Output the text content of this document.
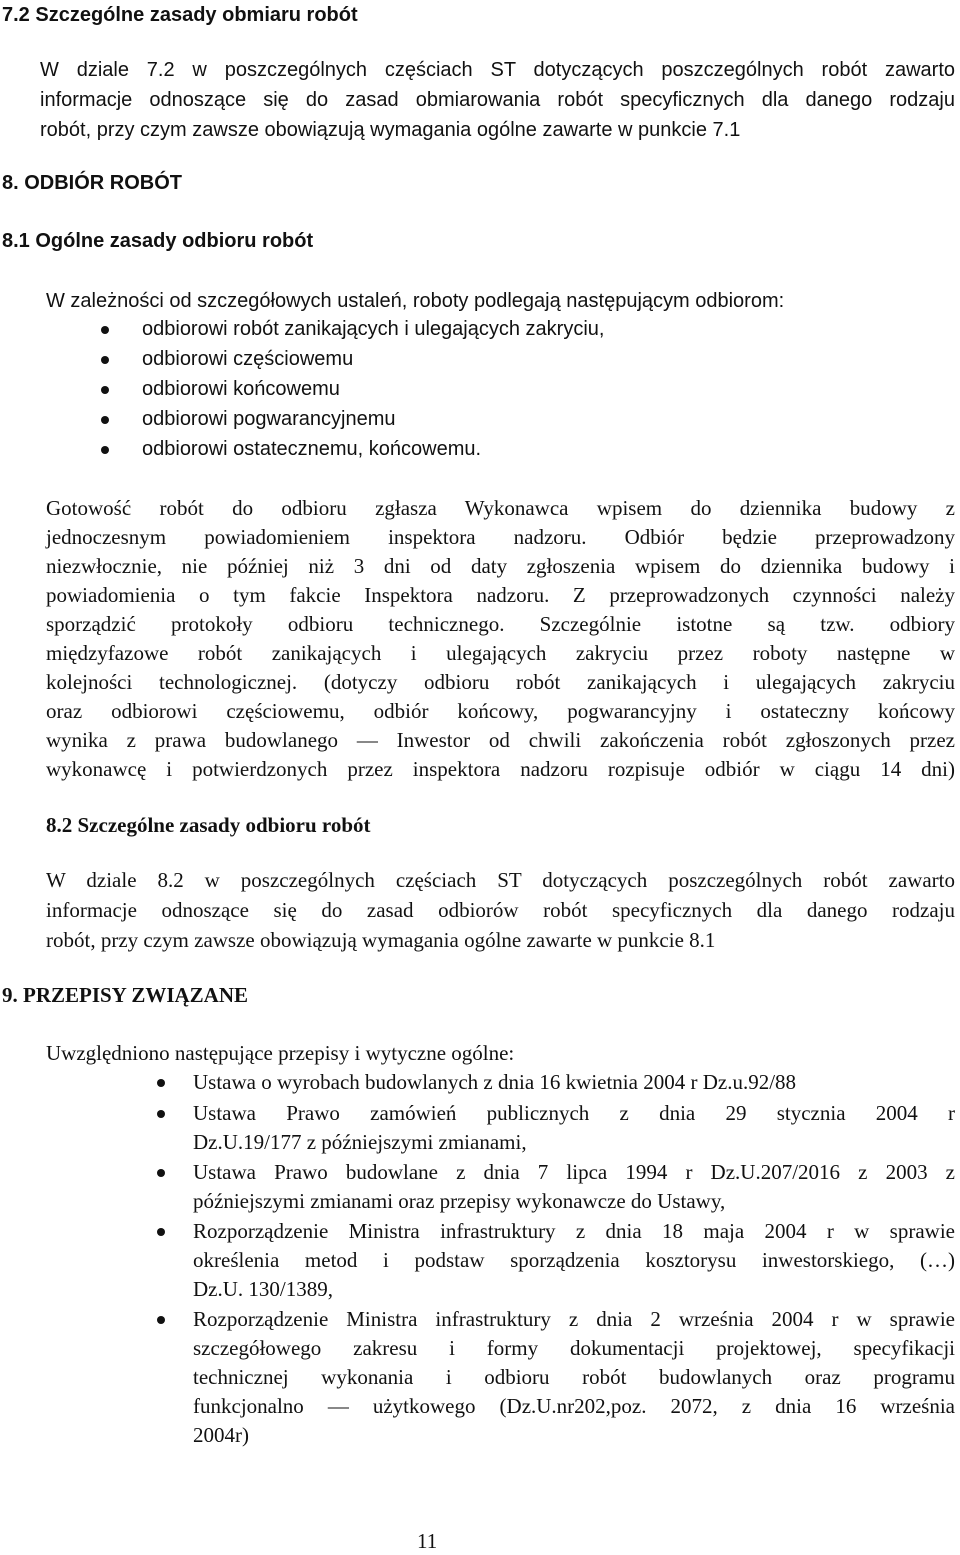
7.2 Szczególne zasady obmiaru robót
W dziale 7.2 w poszczególnych częściach ST dotyczących poszczególnych robót zawarto
informacje odnoszące się do zasad obmiarowania robót specyficznych dla danego rodzaju
robót, przy czym zawsze obowiązują wymagania ogólne zawarte w punkcie 7.1
8. ODBIÓR ROBÓT
8.1 Ogólne zasady odbioru robót
W zależności od szczegółowych ustaleń, roboty podlegają następującym odbiorom:
odbiorowi robót zanikających i ulegających zakryciu,
odbiorowi częściowemu
odbiorowi końcowemu
odbiorowi pogwarancyjnemu
odbiorowi ostatecznemu, końcowemu.
Gotowość robót do odbioru zgłasza Wykonawca wpisem do dziennika budowy z
jednoczesnym powiadomieniem inspektora nadzoru. Odbiór będzie przeprowadzony
niezwłocznie, nie później niż 3 dni od daty zgłoszenia wpisem do dziennika budowy i
powiadomienia o tym fakcie Inspektora nadzoru. Z przeprowadzonych czynności należy
sporządzić protokoły odbioru technicznego. Szczególnie istotne są tzw. odbiory
międzyfazowe robót zanikających i ulegających zakryciu przez roboty następne w
kolejności technologicznej. (dotyczy odbioru robót zanikających i ulegających zakryciu
oraz odbiorowi częściowemu, odbiór końcowy, pogwarancyjny i ostateczny końcowy
wynika z prawa budowlanego — Inwestor od chwili zakończenia robót zgłoszonych przez
wykonawcę i potwierdzonych przez inspektora nadzoru rozpisuje odbiór w ciągu 14 dni)
8.2 Szczególne zasady odbioru robót
W dziale 8.2 w poszczególnych częściach ST dotyczących poszczególnych robót zawarto
informacje odnoszące się do zasad odbiorów robót specyficznych dla danego rodzaju
robót, przy czym zawsze obowiązują wymagania ogólne zawarte w punkcie 8.1
9. PRZEPISY ZWIĄZANE
Uwzględniono następujące przepisy i wytyczne ogólne:
Ustawa o wyrobach budowlanych z dnia 16 kwietnia 2004 r Dz.u.92/88
Ustawa Prawo zamówień publicznych z dnia 29 stycznia 2004 r
Dz.U.19/177 z późniejszymi zmianami,
Ustawa Prawo budowlane z dnia 7 lipca 1994 r Dz.U.207/2016 z 2003 z
późniejszymi zmianami oraz przepisy wykonawcze do Ustawy,
Rozporządzenie Ministra infrastruktury z dnia 18 maja 2004 r w sprawie
określenia metod i podstaw sporządzenia kosztorysu inwestorskiego, (…)
Dz.U. 130/1389,
Rozporządzenie Ministra infrastruktury z dnia 2 września 2004 r w sprawie
szczegółowego zakresu i formy dokumentacji projektowej, specyfikacji
technicznej wykonania i odbioru robót budowlanych oraz programu
funkcjonalno — użytkowego (Dz.U.nr202,poz. 2072, z dnia 16 września
2004r)
11
